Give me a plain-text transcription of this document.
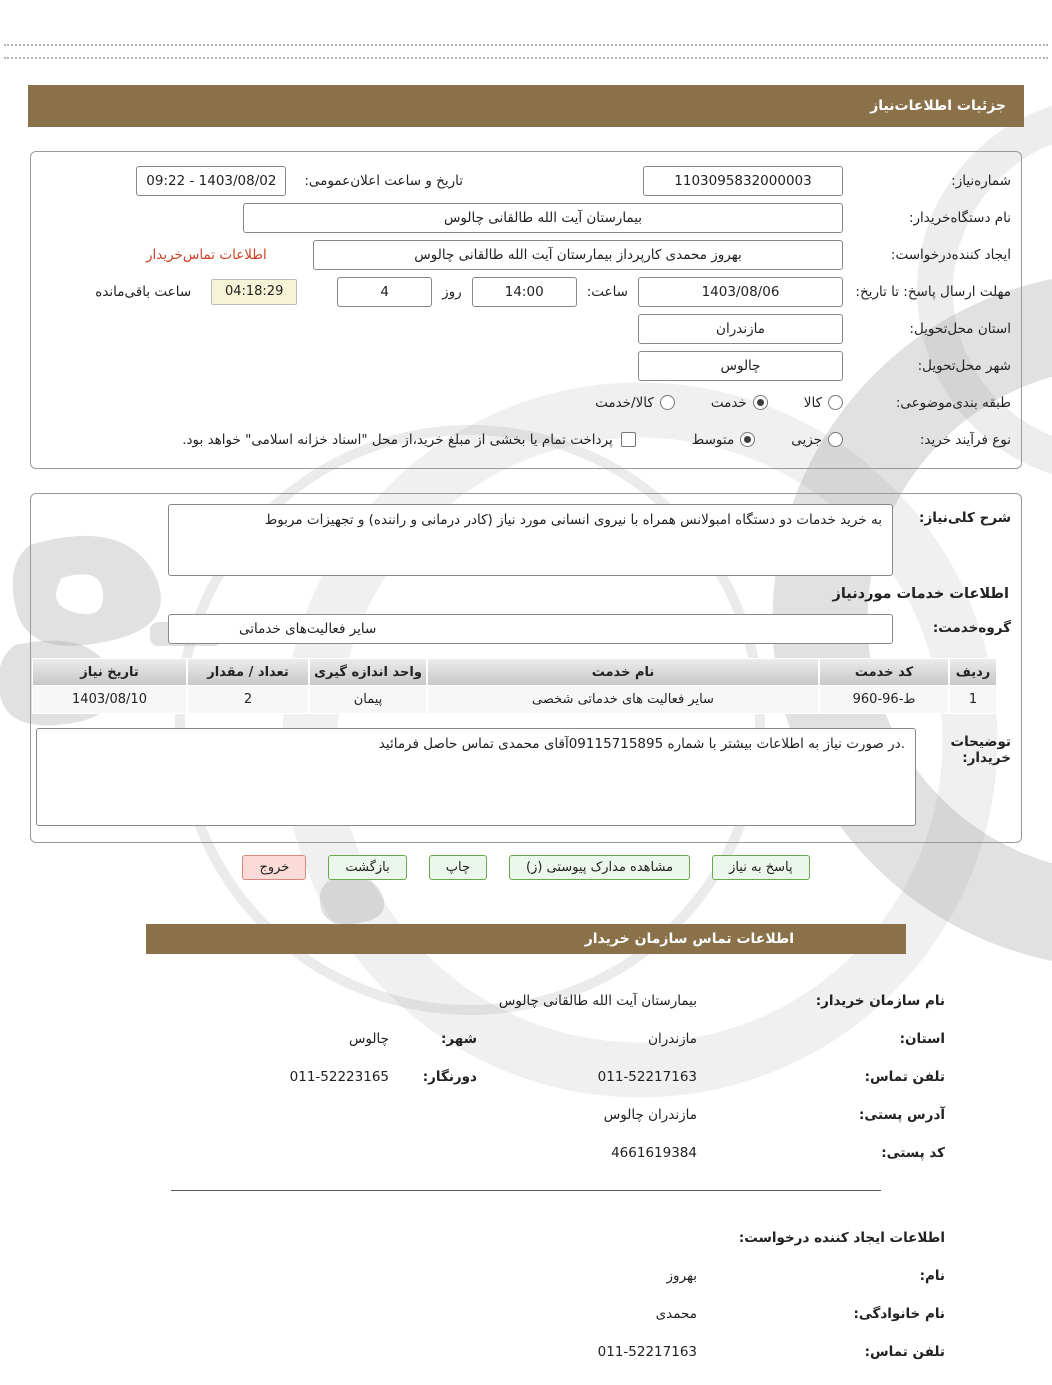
جزئیات اطلاعات‌نیاز
شماره‌نیاز:
1103095832000003
تاریخ و ساعت اعلان‌عمومی:
1403/08/02 - 09:22
نام دستگاه‌خریدار:
بیمارستان آیت الله طالقانی چالوس
ایجاد کننده‌درخواست:
بهروز محمدی کارپرداز بیمارستان آیت الله طالقانی چالوس
اطلاعات تماس‌خریدار
مهلت ارسال پاسخ: تا تاریخ:
1403/08/06
ساعت:
14:00
روز
4
04:18:29
ساعت باقی‌مانده
استان محل‌تحویل:
مازندران
شهر محل‌تحویل:
چالوس
طبقه بندی‌موضوعی:
کالا
خدمت
کالا/خدمت
نوع فرآیند خرید:
جزیی
متوسط
پرداخت تمام یا بخشی از مبلغ خرید،از محل "اسناد خزانه اسلامی" خواهد بود.
شرح کلی‌نیاز:
به خرید خدمات دو دستگاه امبولانس همراه با نیروی انسانی مورد نیاز (کادر درمانی و راننده) و تجهیزات مربوط
اطلاعات خدمات موردنیاز
گروه‌خدمت:
سایر فعالیت‌های خدماتی
ردیف
کد خدمت
نام خدمت
واحد اندازه گیری
تعداد / مقدار
تاریخ نیاز
1
ط-96-960
سایر فعالیت های خدماتی شخصی
پیمان
2
1403/08/10
توضیحات خریدار:
.در صورت نیاز به اطلاعات بیشتر با شماره 09115715895آقای محمدی تماس حاصل فرمائید
پاسخ به نیاز
مشاهده مدارک پیوستی (ز)
چاپ
بازگشت
خروج
اطلاعات تماس سازمان خریدار
نام سازمان خریدار:
بیمارستان آیت الله طالقانی چالوس
استان:
مازندران
شهر:
چالوس
تلفن تماس:
011-52217163
دورنگار:
011-52223165
آدرس پستی:
مازندران چالوس
کد پستی:
4661619384
اطلاعات ایجاد کننده درخواست:
نام:
بهروز
نام خانوادگی:
محمدی
تلفن تماس:
011-52217163
